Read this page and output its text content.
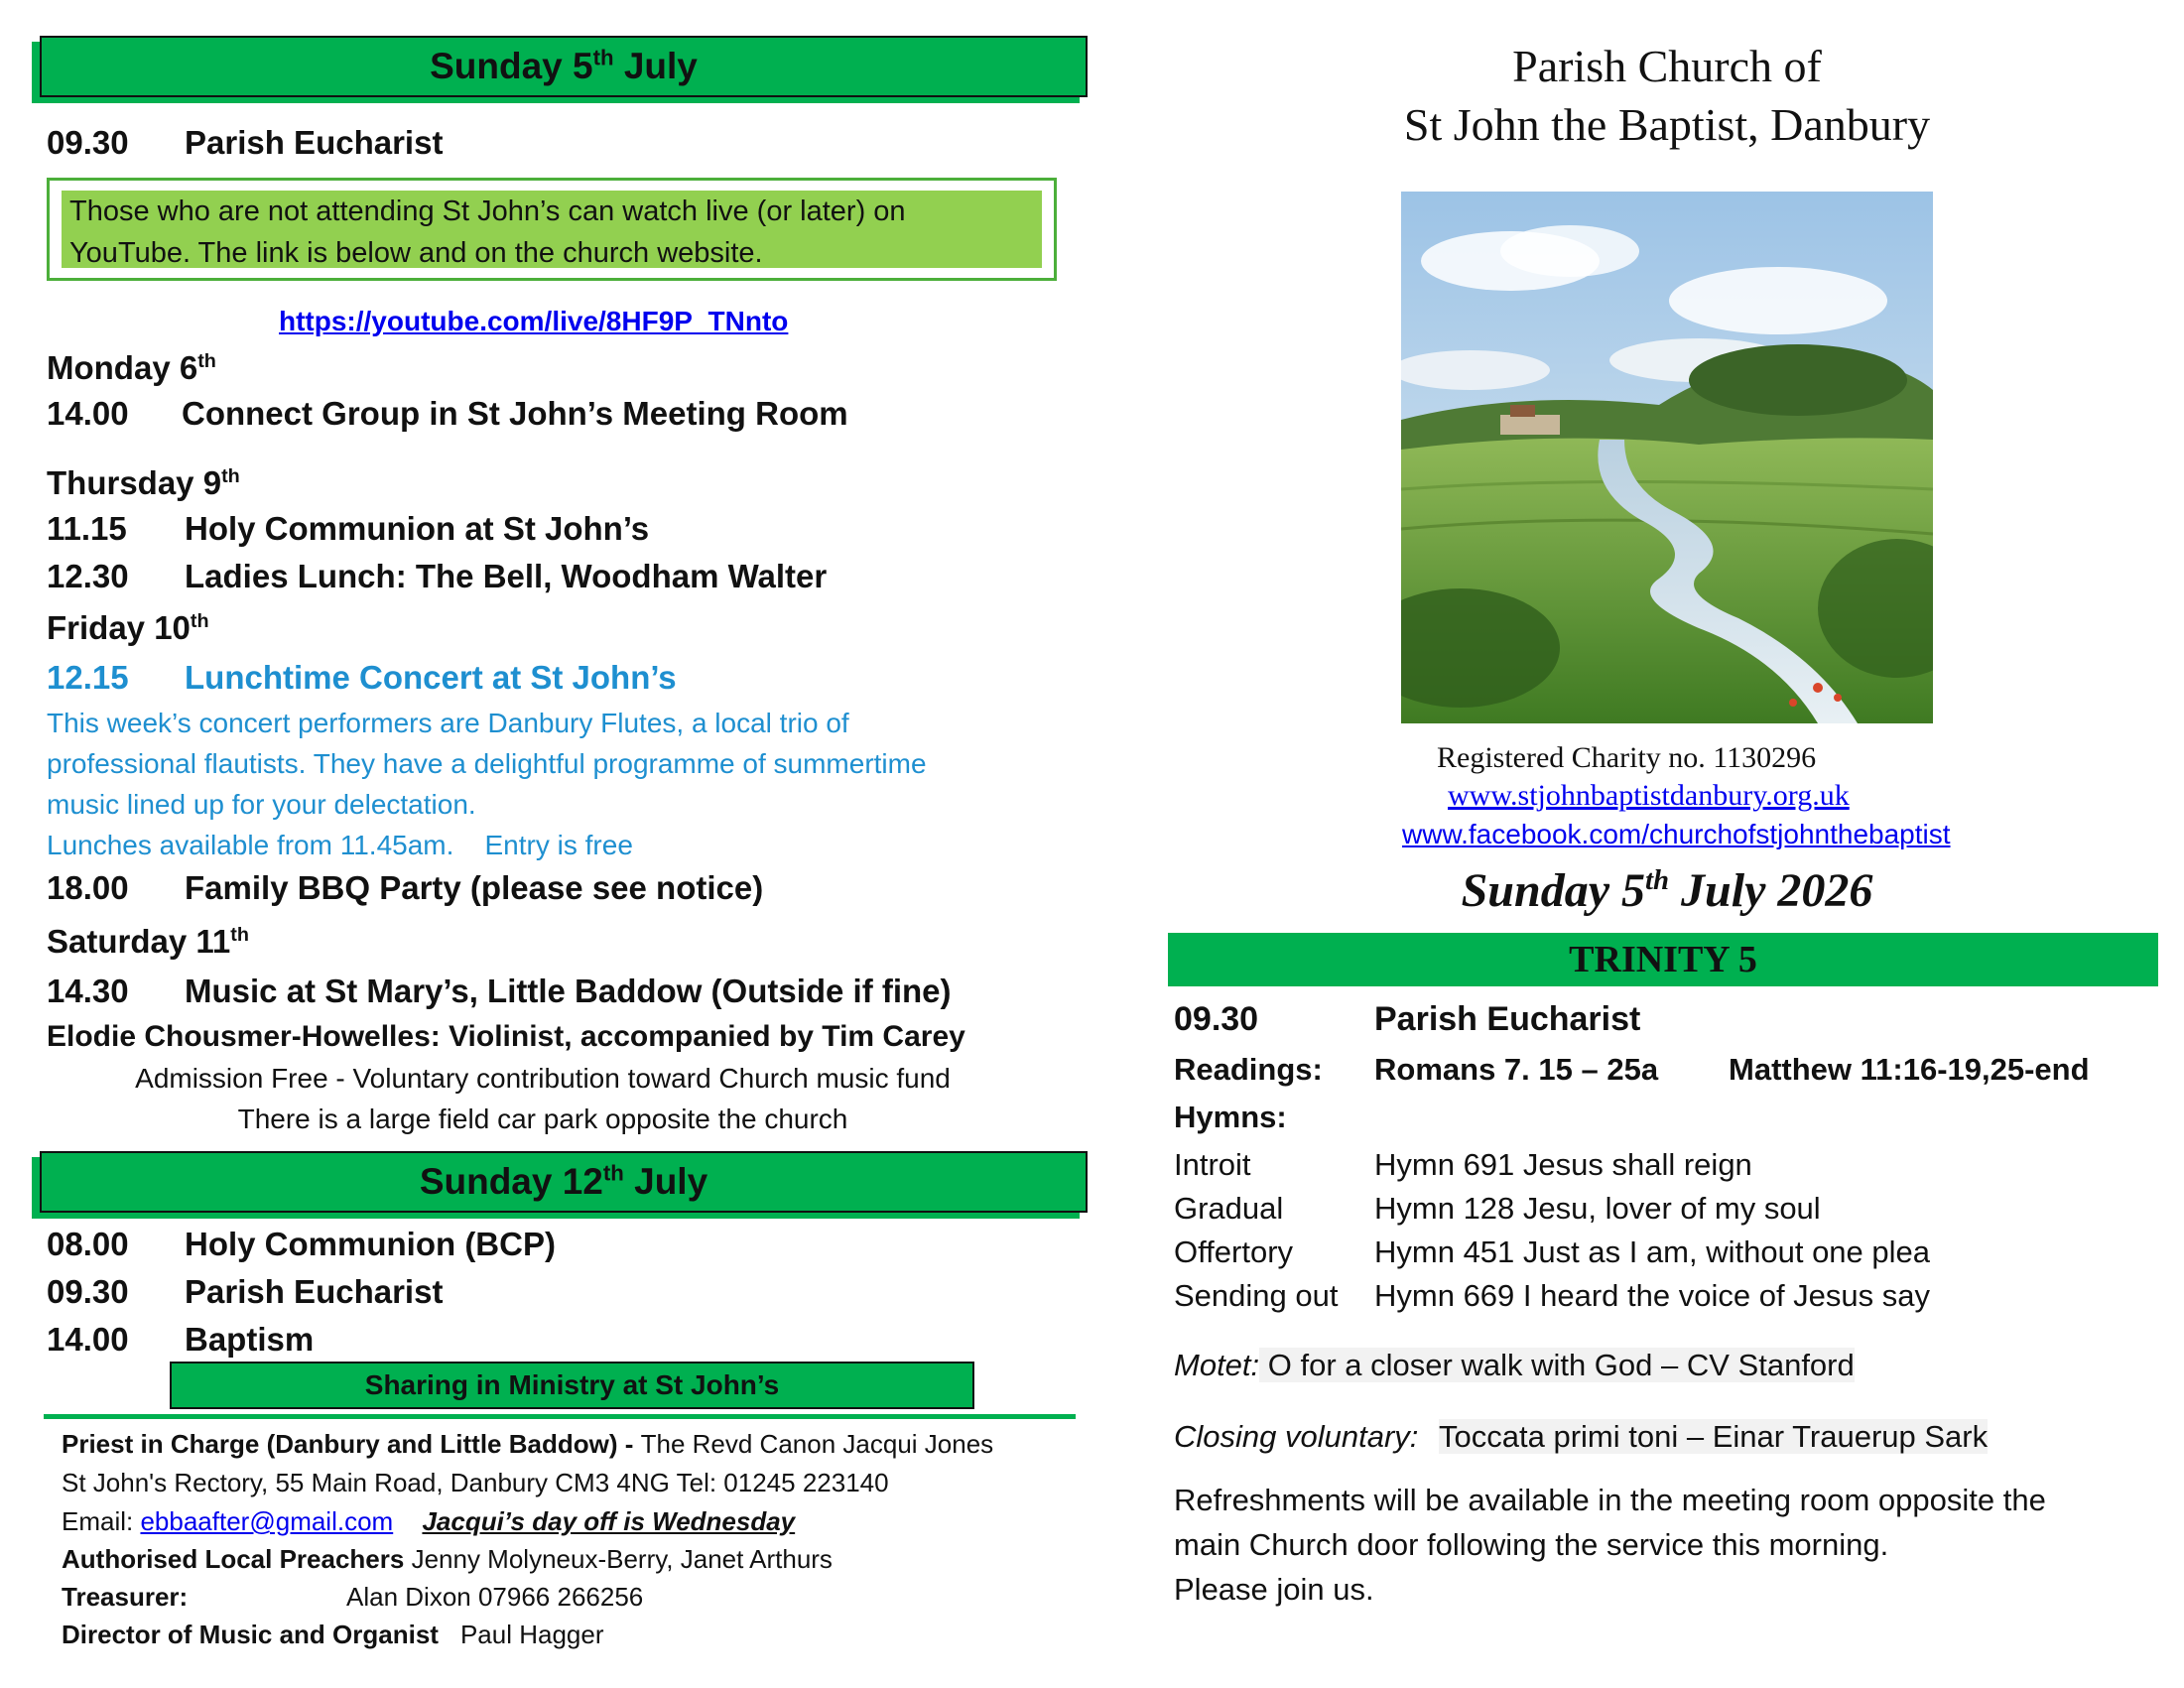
Sunday 5th July
09.30 Parish Eucharist
Those who are not attending St John’s can watch live (or later) on YouTube. The link is below and on the church website.
https://youtube.com/live/8HF9P_TNnto
Monday 6th
14.00 Connect Group in St John’s Meeting Room
Thursday 9th
11.15 Holy Communion at St John’s
12.30 Ladies Lunch: The Bell, Woodham Walter
Friday 10th
12.15 Lunchtime Concert at St John’s
This week’s concert performers are Danbury Flutes, a local trio of
professional flautists. They have a delightful programme of summertime
music lined up for your delectation.
Lunches available from 11.45am.    Entry is free
18.00 Family BBQ Party (please see notice)
Saturday 11th
14.30 Music at St Mary’s, Little Baddow (Outside if fine)
Elodie Chousmer-Howelles: Violinist, accompanied by Tim Carey
Admission Free - Voluntary contribution toward Church music fund
There is a large field car park opposite the church
Sunday 12th July
08.00 Holy Communion (BCP)
09.30 Parish Eucharist
14.00 Baptism
Sharing in Ministry at St John’s
Priest in Charge (Danbury and Little Baddow) - The Revd Canon Jacqui Jones
St John's Rectory, 55 Main Road, Danbury CM3 4NG Tel: 01245 223140
Email: ebbaafter@gmail.com Jacqui’s day off is Wednesday
Authorised Local Preachers Jenny Molyneux-Berry, Janet Arthurs
Treasurer:	Alan Dixon 07966 266256
Director of Music and Organist Paul Hagger
Parish Church of
St John the Baptist, Danbury
Registered Charity no. 1130296
www.stjohnbaptistdanbury.org.uk
www.facebook.com/churchofstjohnthebaptist
Sunday 5th July 2026
TRINITY 5
09.30	Parish Eucharist
Readings: Romans 7. 15 – 25a Matthew 11:16-19,25-end
Hymns:
Introit	Hymn 691 Jesus shall reign
Gradual	Hymn 128 Jesu, lover of my soul
Offertory	Hymn 451 Just as I am, without one plea
Sending out Hymn 669 I heard the voice of Jesus say
Motet: O for a closer walk with God – CV Stanford
Closing voluntary: Toccata primi toni – Einar Trauerup Sark
Refreshments will be available in the meeting room opposite the
main Church door following the service this morning.
Please join us.
